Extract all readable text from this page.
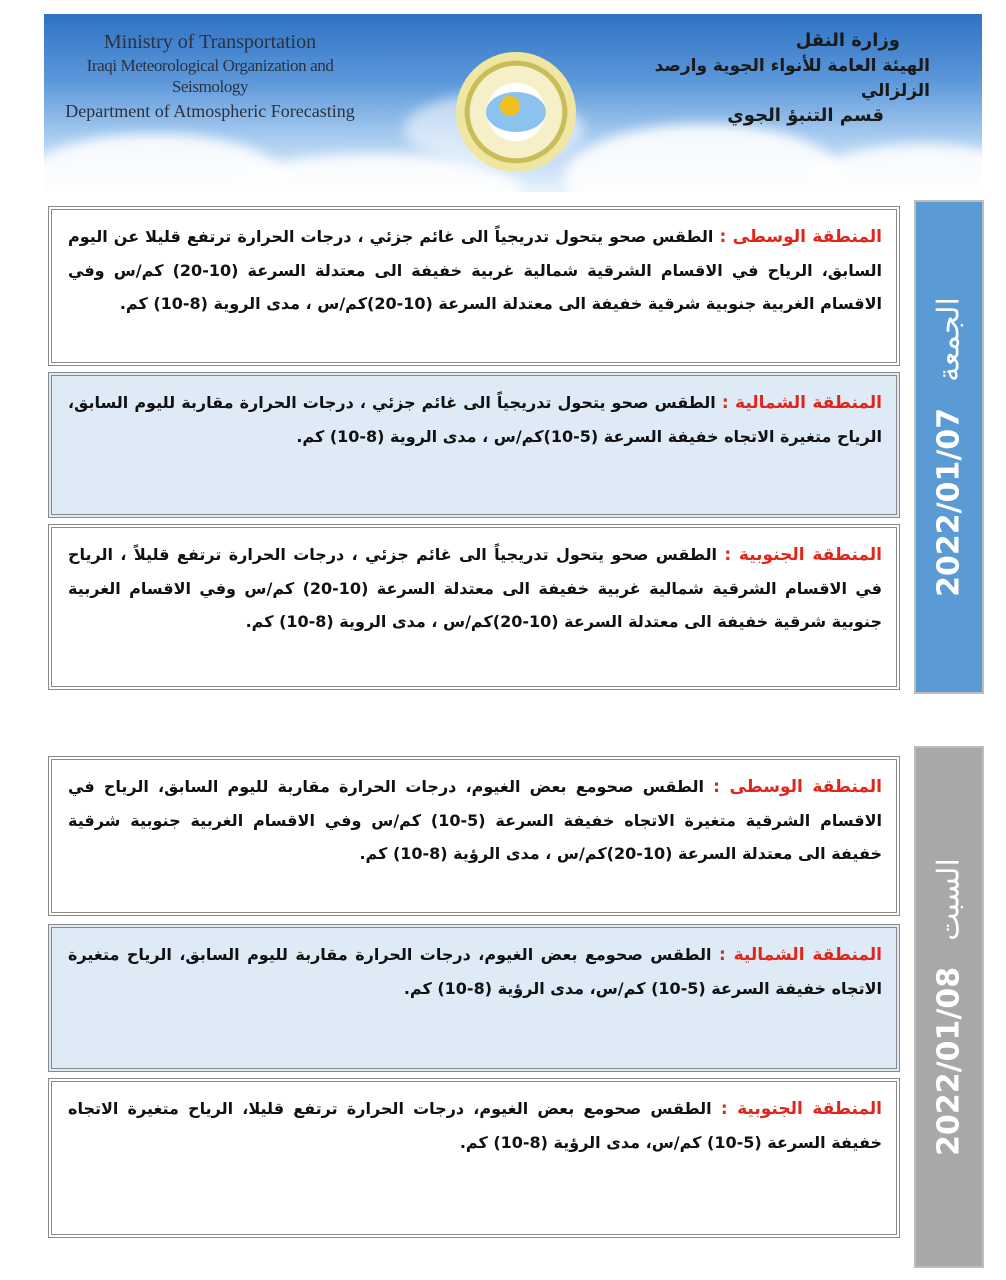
Ministry of Transportation
Iraqi Meteorological Organization and Seismology
Department of Atmospheric Forecasting
وزارة النقل
الهيئة العامة للأنواء الجوية وارصد الزلزالي
قسم التنبؤ الجوي
المنطقة الوسطى : الطقس صحو يتحول تدريجياً الى غائم جزئي ، درجات الحرارة ترتفع قليلا عن اليوم السابق، الرياح في الاقسام الشرقية شمالية غربية خفيفة الى معتدلة السرعة (10-20) كم/س وفي الاقسام الغربية جنوبية شرقية خفيفة الى معتدلة السرعة (10-20)كم/س ، مدى الروية (8-10) كم.
المنطقة الشمالية : الطقس صحو يتحول تدريجياً الى غائم جزئي ، درجات الحرارة مقاربة لليوم السابق، الرياح متغيرة الاتجاه خفيفة السرعة (5-10)كم/س ، مدى الروية (8-10) كم.
المنطقة الجنوبية : الطقس صحو يتحول تدريجياً الى غائم جزئي ، درجات الحرارة ترتفع قليلاً ، الرياح في الاقسام الشرقية شمالية غربية خفيفة الى معتدلة السرعة (10-20) كم/س وفي الاقسام الغربية جنوبية شرقية خفيفة الى معتدلة السرعة (10-20)كم/س ، مدى الروية (8-10) كم.
2022/01/07
الجمعة
المنطقة الوسطى : الطقس صحومع بعض الغيوم، درجات الحرارة مقاربة لليوم السابق، الرياح في الاقسام الشرقية متغيرة الاتجاه خفيفة السرعة (5-10) كم/س وفي الاقسام الغربية جنوبية شرقية خفيفة الى معتدلة السرعة (10-20)كم/س ، مدى الرؤية (8-10) كم.
المنطقة الشمالية : الطقس صحومع بعض الغيوم، درجات الحرارة مقاربة لليوم السابق، الرياح متغيرة الاتجاه خفيفة السرعة (5-10) كم/س، مدى الرؤية (8-10) كم.
المنطقة الجنوبية : الطقس صحومع بعض الغيوم، درجات الحرارة ترتفع قليلا، الرياح متغيرة الاتجاه خفيفة السرعة (5-10) كم/س، مدى الرؤية (8-10) كم.	2022/01/08
السبت
